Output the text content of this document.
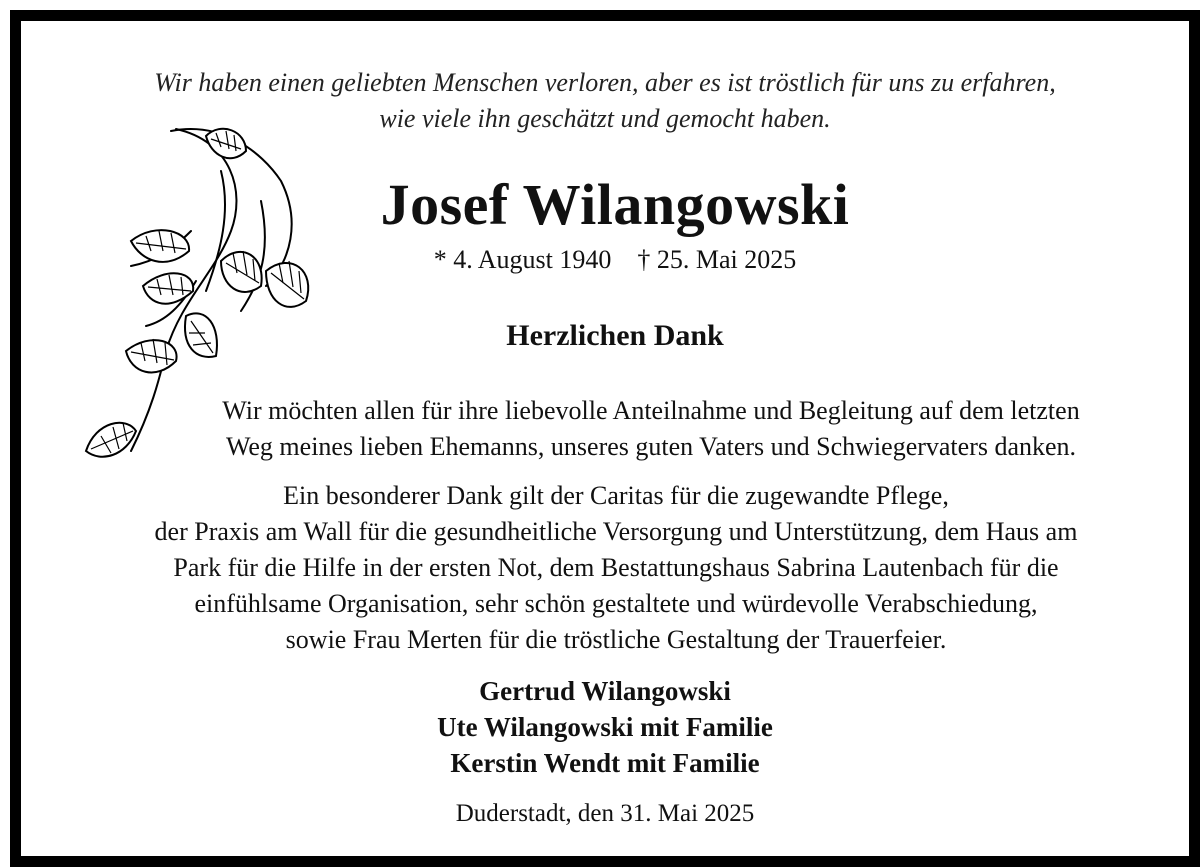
Wir haben einen geliebten Menschen verloren, aber es ist tröstlich für uns zu erfahren,
wie viele ihn geschätzt und gemocht haben.
Josef Wilangowski
* 4. August 1940 † 25. Mai 2025
Herzlichen Dank
Wir möchten allen für ihre liebevolle Anteilnahme und Begleitung auf dem letzten
Weg meines lieben Ehemanns, unseres guten Vaters und Schwiegervaters danken.
Ein besonderer Dank gilt der Caritas für die zugewandte Pflege,
der Praxis am Wall für die gesundheitliche Versorgung und Unterstützung, dem Haus am
Park für die Hilfe in der ersten Not, dem Bestattungshaus Sabrina Lautenbach für die
einfühlsame Organisation, sehr schön gestaltete und würdevolle Verabschiedung,
sowie Frau Merten für die tröstliche Gestaltung der Trauerfeier.
Gertrud Wilangowski
Ute Wilangowski mit Familie
Kerstin Wendt mit Familie
Duderstadt, den 31. Mai 2025
